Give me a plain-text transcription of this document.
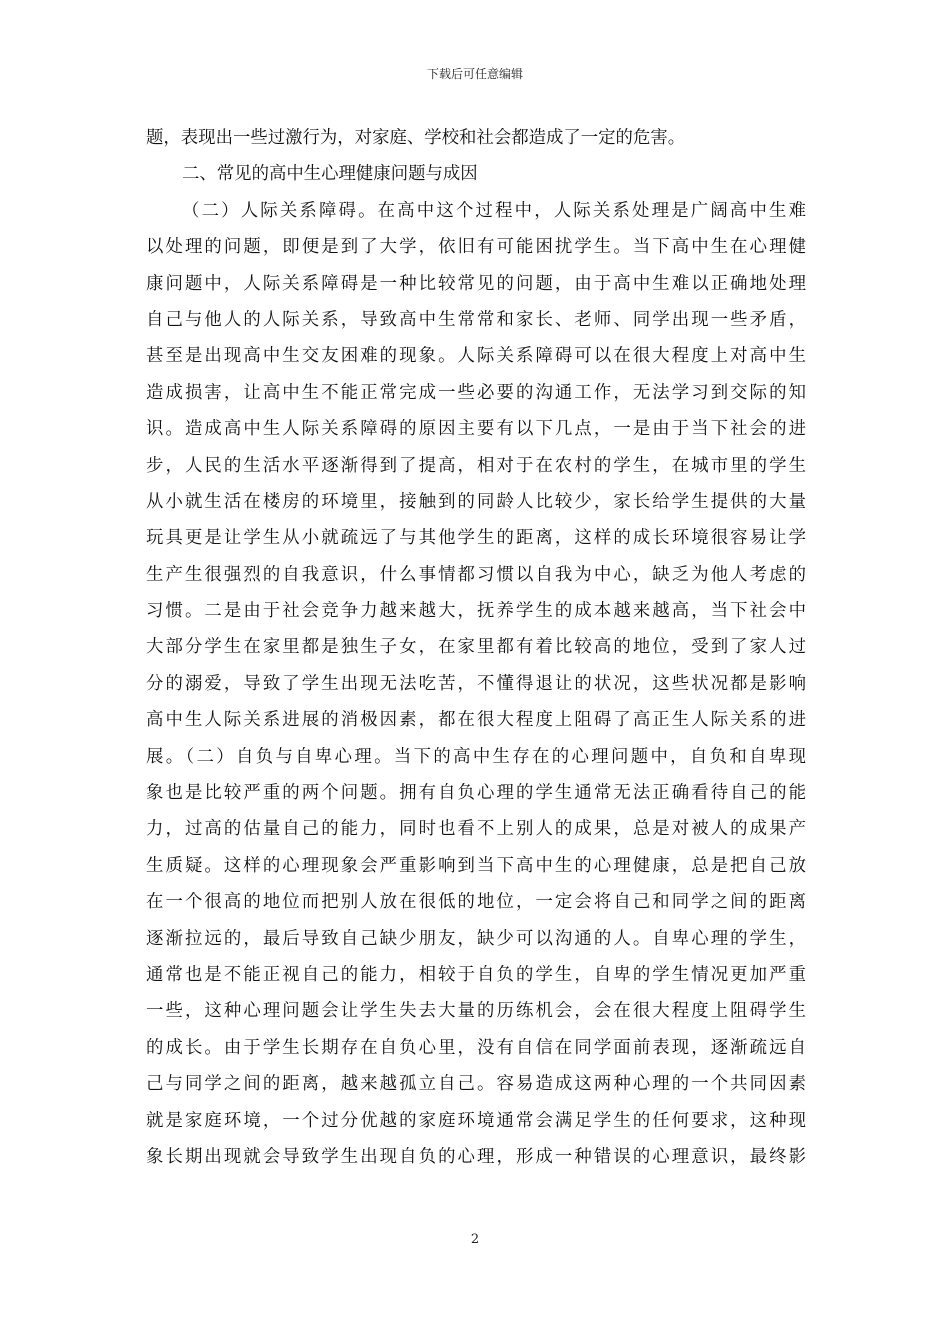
下载后可任意编辑
题，表现出一些过激行为，对家庭、学校和社会都造成了一定的危害。
二、常见的高中生心理健康问题与成因
（二）人际关系障碍。在高中这个过程中，人际关系处理是广阔高中生难
以处理的问题，即便是到了大学，依旧有可能困扰学生。当下高中生在心理健
康问题中，人际关系障碍是一种比较常见的问题，由于高中生难以正确地处理
自己与他人的人际关系，导致高中生常常和家长、老师、同学出现一些矛盾，
甚至是出现高中生交友困难的现象。人际关系障碍可以在很大程度上对高中生
造成损害，让高中生不能正常完成一些必要的沟通工作，无法学习到交际的知
识。造成高中生人际关系障碍的原因主要有以下几点，一是由于当下社会的进
步，人民的生活水平逐渐得到了提高，相对于在农村的学生，在城市里的学生
从小就生活在楼房的环境里，接触到的同龄人比较少，家长给学生提供的大量
玩具更是让学生从小就疏远了与其他学生的距离，这样的成长环境很容易让学
生产生很强烈的自我意识，什么事情都习惯以自我为中心，缺乏为他人考虑的
习惯。二是由于社会竞争力越来越大，抚养学生的成本越来越高，当下社会中
大部分学生在家里都是独生子女，在家里都有着比较高的地位，受到了家人过
分的溺爱，导致了学生出现无法吃苦，不懂得退让的状况，这些状况都是影响
高中生人际关系进展的消极因素，都在很大程度上阻碍了高正生人际关系的进
展。（二）自负与自卑心理。当下的高中生存在的心理问题中，自负和自卑现
象也是比较严重的两个问题。拥有自负心理的学生通常无法正确看待自己的能
力，过高的估量自己的能力，同时也看不上别人的成果，总是对被人的成果产
生质疑。这样的心理现象会严重影响到当下高中生的心理健康，总是把自己放
在一个很高的地位而把别人放在很低的地位，一定会将自己和同学之间的距离
逐渐拉远的，最后导致自己缺少朋友，缺少可以沟通的人。自卑心理的学生，
通常也是不能正视自己的能力，相较于自负的学生，自卑的学生情况更加严重
一些，这种心理问题会让学生失去大量的历练机会，会在很大程度上阻碍学生
的成长。由于学生长期存在自负心里，没有自信在同学面前表现，逐渐疏远自
己与同学之间的距离，越来越孤立自己。容易造成这两种心理的一个共同因素
就是家庭环境，一个过分优越的家庭环境通常会满足学生的任何要求，这种现
象长期出现就会导致学生出现自负的心理，形成一种错误的心理意识，最终影
2
